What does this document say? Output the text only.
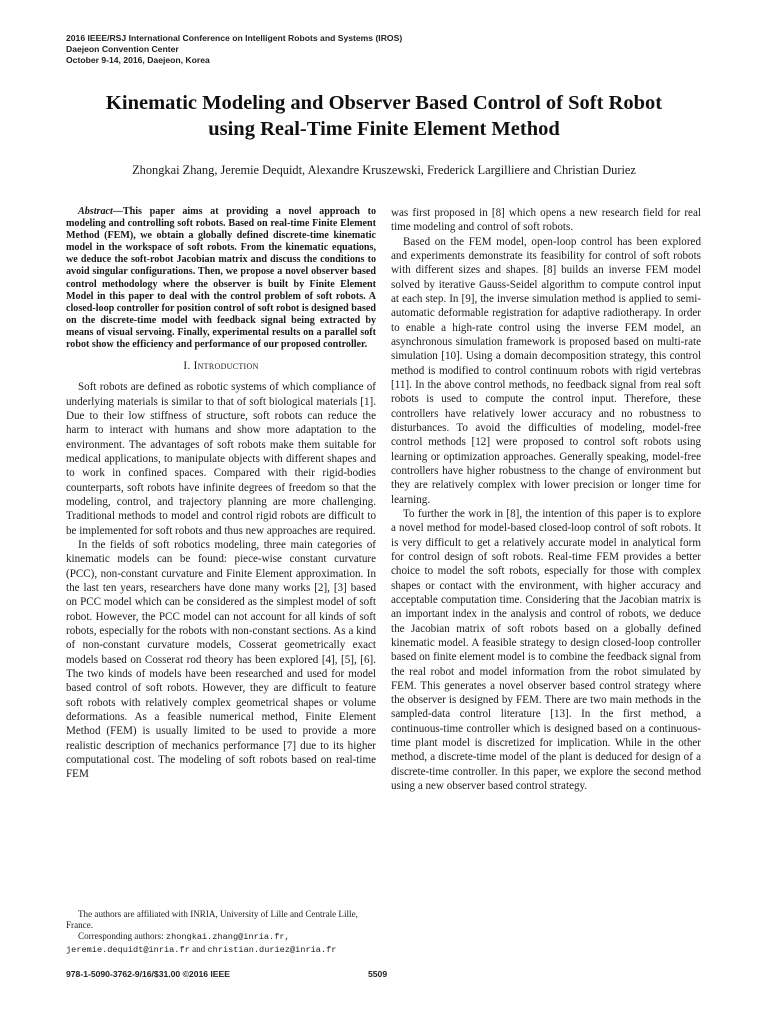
2016 IEEE/RSJ International Conference on Intelligent Robots and Systems (IROS)
Daejeon Convention Center
October 9-14, 2016, Daejeon, Korea
Kinematic Modeling and Observer Based Control of Soft Robot
using Real-Time Finite Element Method
Zhongkai Zhang, Jeremie Dequidt, Alexandre Kruszewski, Frederick Largilliere and Christian Duriez

Abstract—This paper aims at providing a novel approach to modeling and controlling soft robots. Based on real-time Finite Element Method (FEM), we obtain a globally defined discrete-time kinematic model in the workspace of soft robots. From the kinematic equations, we deduce the soft-robot Jacobian matrix and discuss the conditions to avoid singular configurations. Then, we propose a novel observer based control methodology where the observer is built by Finite Element Model in this paper to deal with the control problem of soft robots. A closed-loop controller for position control of soft robot is designed based on the discrete-time model with feedback signal being extracted by means of visual servoing. Finally, experimental results on a parallel soft robot show the efficiency and performance of our proposed controller.

I. Introduction

Soft robots are defined as robotic systems of which compliance of underlying materials is similar to that of soft biological materials [1]. Due to their low stiffness of structure, soft robots can reduce the harm to interact with humans and show more adaptation to the environment. The advantages of soft robots make them suitable for medical applications, to manipulate objects with different shapes and to work in confined spaces. Compared with their rigid-bodies counterparts, soft robots have infinite degrees of freedom so that the modeling, control, and trajectory planning are more challenging. Traditional methods to model and control rigid robots are difficult to be implemented for soft robots and thus new approaches are required.

In the fields of soft robotics modeling, three main categories of kinematic models can be found: piece-wise constant curvature (PCC), non-constant curvature and Finite Element approximation. In the last ten years, researchers have done many works [2], [3] based on PCC model which can be considered as the simplest model of soft robot. However, the PCC model can not account for all kinds of soft robots, especially for the robots with non-constant sections. As a kind of non-constant curvature models, Cosserat geometrically exact models based on Cosserat rod theory has been explored [4], [5], [6]. The two kinds of models have been researched and used for model based control of soft robots. However, they are difficult to feature soft robots with relatively complex geometrical shapes or volume deformations. As a feasible numerical method, Finite Element Method (FEM) is usually limited to be used to provide a more realistic description of mechanics performance [7] due to its higher computational cost. The modeling of soft robots based on real-time FEM

The authors are affiliated with INRIA, University of Lille and Centrale Lille, France.

Corresponding authors: zhongkai.zhang@inria.fr, jeremie.dequidt@inria.fr and christian.duriez@inria.fr

was first proposed in [8] which opens a new research field for real time modeling and control of soft robots.

Based on the FEM model, open-loop control has been explored and experiments demonstrate its feasibility for control of soft robots with different sizes and shapes. [8] builds an inverse FEM model solved by iterative Gauss-Seidel algorithm to compute control input at each step. In [9], the inverse simulation method is applied to semi-automatic deformable registration for adaptive radiotherapy. In order to enable a high-rate control using the inverse FEM model, an asynchronous simulation framework is proposed based on multi-rate simulation [10]. Using a domain decomposition strategy, this control method is modified to control continuum robots with rigid vertebras [11]. In the above control methods, no feedback signal from real soft robots is used to compute the control input. Therefore, these controllers have relatively lower accuracy and no robustness to disturbances. To avoid the difficulties of modeling, model-free control methods [12] were proposed to control soft robots using learning or optimization approaches. Generally speaking, model-free controllers have higher robustness to the change of environment but they are relatively complex with lower precision or longer time for learning.

To further the work in [8], the intention of this paper is to explore a novel method for model-based closed-loop control of soft robots. It is very difficult to get a relatively accurate model in analytical form for control design of soft robots. Real-time FEM provides a better choice to model the soft robots, especially for those with complex shapes or contact with the environment, with higher accuracy and acceptable computation time. Considering that the Jacobian matrix is an important index in the analysis and control of robots, we deduce the Jacobian matrix of soft robots based on a globally defined kinematic model. A feasible strategy to design closed-loop controller based on finite element model is to combine the feedback signal from the real robot and model information from the robot simulated by FEM. This generates a novel observer based control strategy where the observer is designed by FEM. There are two main methods in the sampled-data control literature [13]. In the first method, a continuous-time controller which is designed based on a continuous-time plant model is discretized for implication. While in the other method, a discrete-time model of the plant is deduced for design of a discrete-time controller. In this paper, we explore the second method using a new observer based control strategy.

978-1-5090-3762-9/16/$31.00 ©2016 IEEE	5509
